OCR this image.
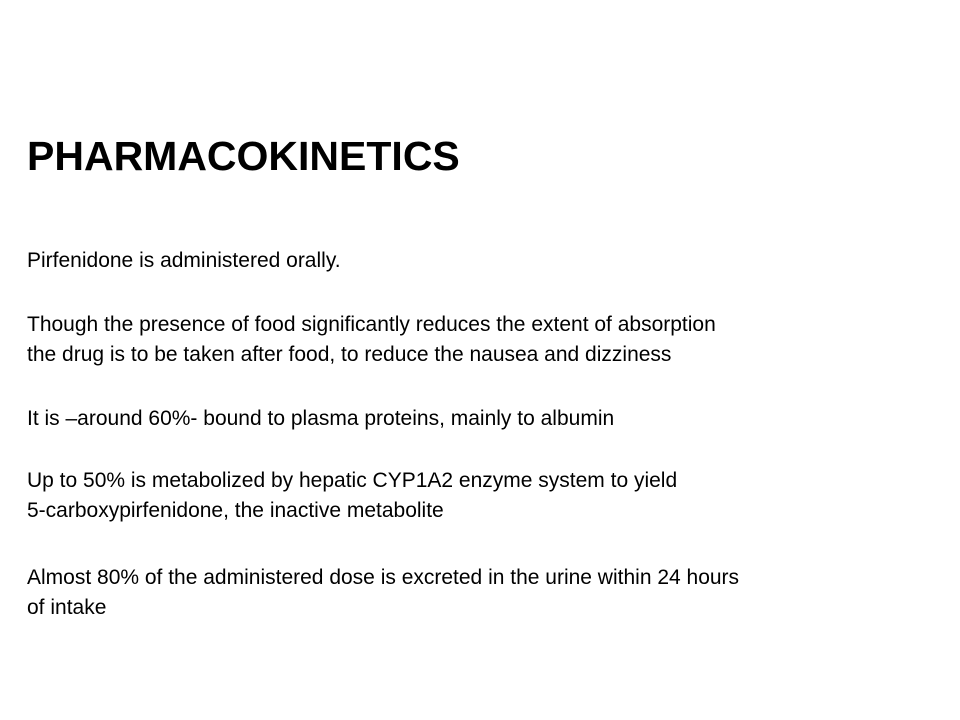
PHARMACOKINETICS

Pirfenidone is administered orally.

Though the presence of food significantly reduces the extent of absorption
the drug is to be taken after food, to reduce the nausea and dizziness

It is –around 60%- bound to plasma proteins, mainly to albumin

Up to 50% is metabolized by hepatic CYP1A2 enzyme system to yield
5-carboxypirfenidone, the inactive metabolite

Almost 80% of the administered dose is excreted in the urine within 24 hours
of intake
